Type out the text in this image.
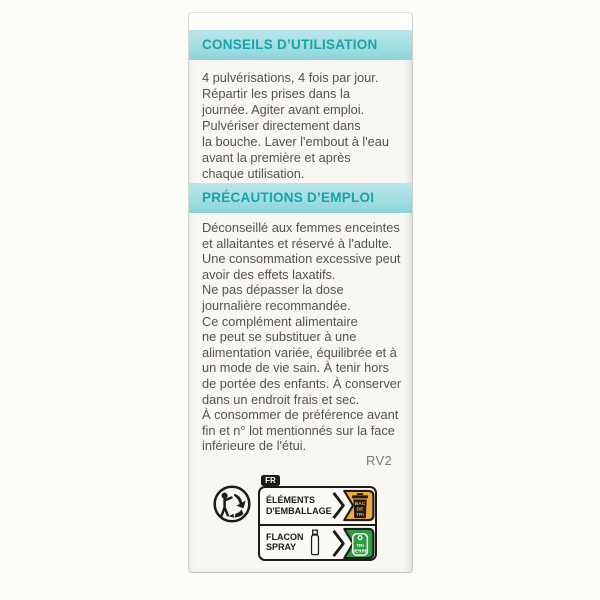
CONSEILS D’UTILISATION
4 pulvérisations, 4 fois par jour.
Répartir les prises dans la
journée. Agiter avant emploi.
Pulvériser directement dans
la bouche. Laver l'embout à l'eau
avant la première et après
chaque utilisation.
PRÉCAUTIONS D’EMPLOI
Déconseillé aux femmes enceintes
et allaitantes et réservé à l'adulte.
Une consommation excessive peut
avoir des effets laxatifs.
Ne pas dépasser la dose
journalière recommandée.
Ce complément alimentaire
ne peut se substituer à une
alimentation variée, équilibrée et à
un mode de vie sain. À tenir hors
de portée des enfants. À conserver
dans un endroit frais et sec.
À consommer de préférence avant
fin et n° lot mentionnés sur la face
inférieure de l'étui.
RV2
FR
ÉLÉMENTS
D'EMBALLAGE
BAC
DE
TRI
FLACON
SPRAY	TRI
VERRE
